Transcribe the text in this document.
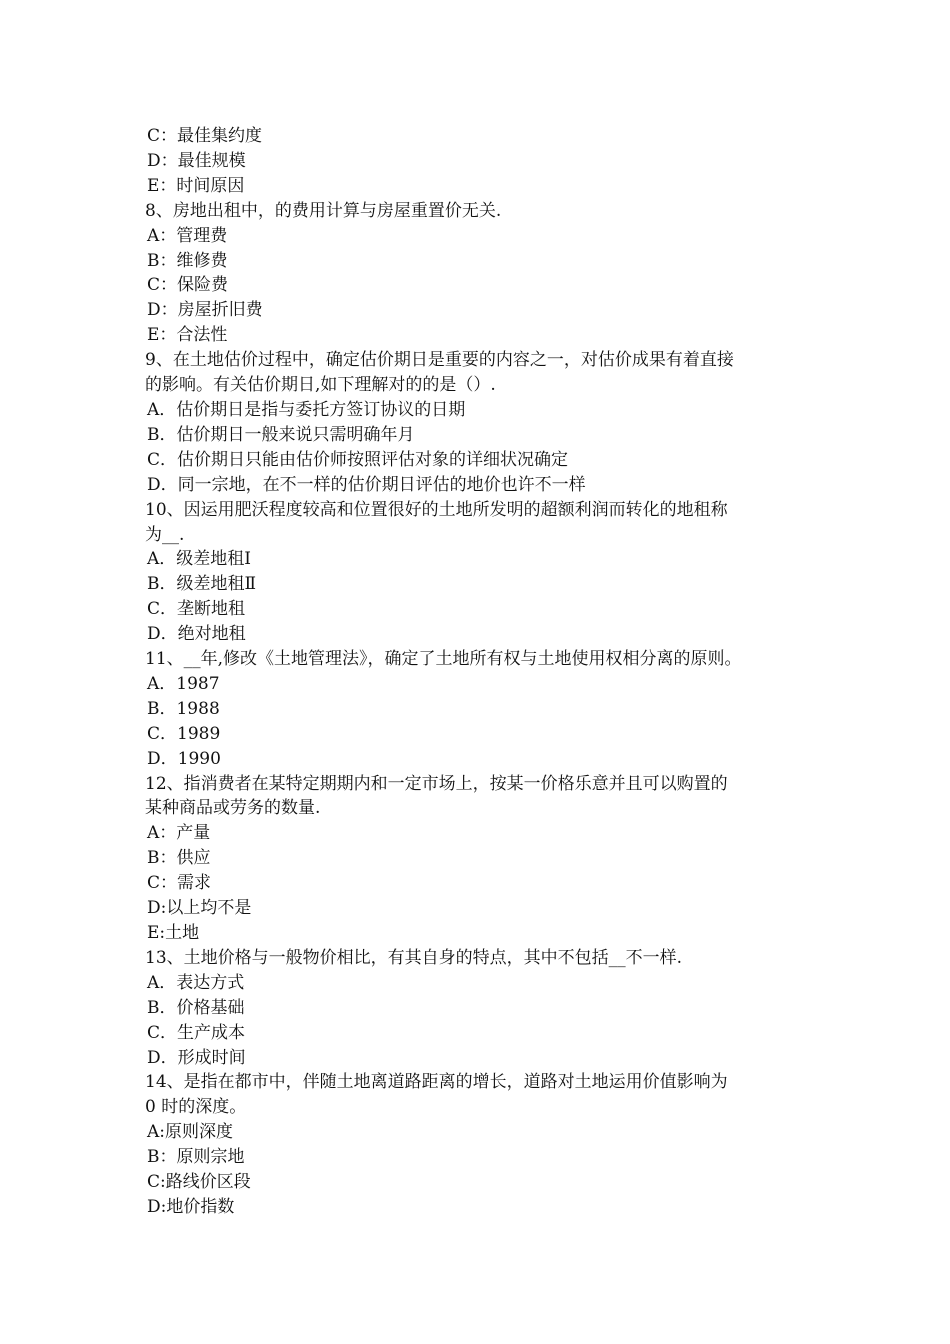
C：最佳集约度
D：最佳规模
E：时间原因
8、房地出租中，的费用计算与房屋重置价无关.
A：管理费
B：维修费
C：保险费
D：房屋折旧费
E：合法性
9、在土地估价过程中，确定估价期日是重要的内容之一，对估价成果有着直接
的影响。有关估价期日,如下理解对的的是（）.
A．估价期日是指与委托方签订协议的日期
B．估价期日一般来说只需明确年月
C．估价期日只能由估价师按照评估对象的详细状况确定
D．同一宗地，在不一样的估价期日评估的地价也许不一样
10、因运用肥沃程度较高和位置很好的土地所发明的超额利润而转化的地租称
为__.
A．级差地租Ⅰ
B．级差地租Ⅱ
C．垄断地租
D．绝对地租
11、__年,修改《土地管理法》，确定了土地所有权与土地使用权相分离的原则。
A．1987
B．1988
C．1989
D．1990
12、指消费者在某特定期期内和一定市场上，按某一价格乐意并且可以购置的
某种商品或劳务的数量.
A：产量
B：供应
C：需求
D:以上均不是
E:土地
13、土地价格与一般物价相比，有其自身的特点，其中不包括__不一样.
A．表达方式
B．价格基础
C．生产成本
D．形成时间
14、是指在都市中，伴随土地离道路距离的增长，道路对土地运用价值影响为
0 时的深度。
A:原则深度
B：原则宗地
C:路线价区段
D:地价指数
